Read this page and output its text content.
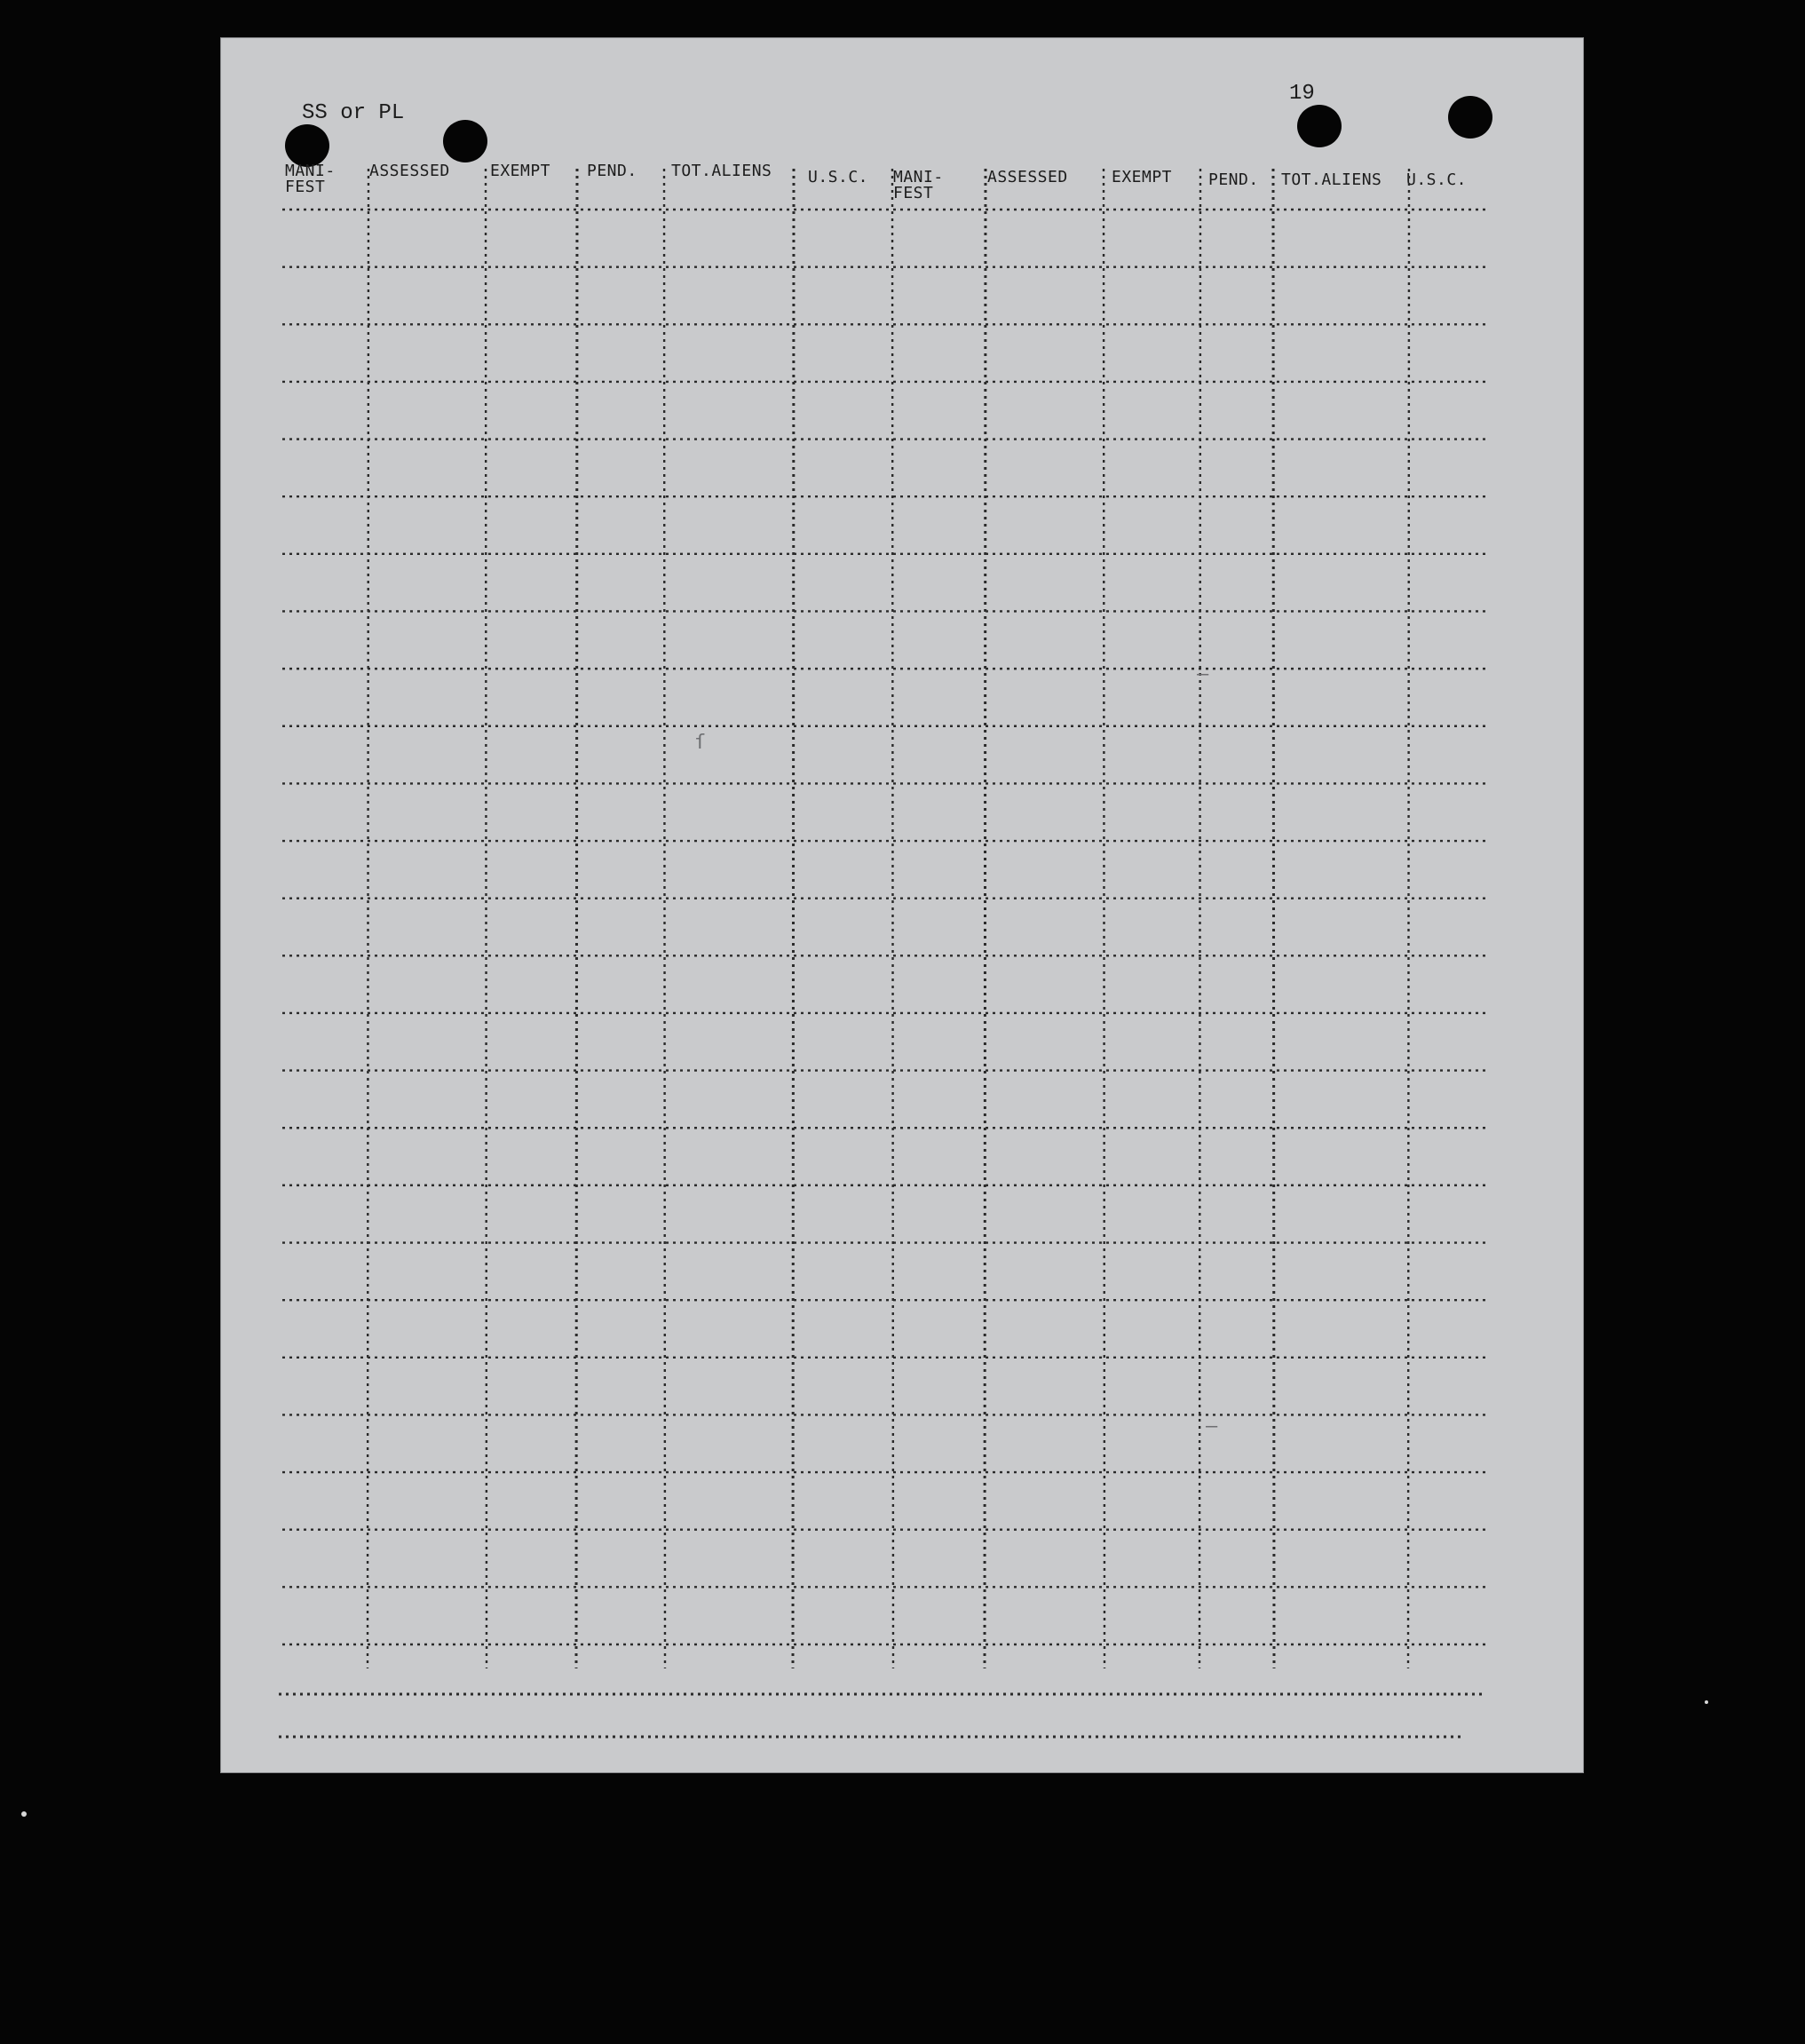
SS or PL
19
MANI-
FEST
ASSESSED	EXEMPT PEND. TOT.ALIENS U.S.C. MANI-
FEST
ASSESSED	EXEMPT PEND. TOT.ALIENS U.S.C.
ſ
–
–
